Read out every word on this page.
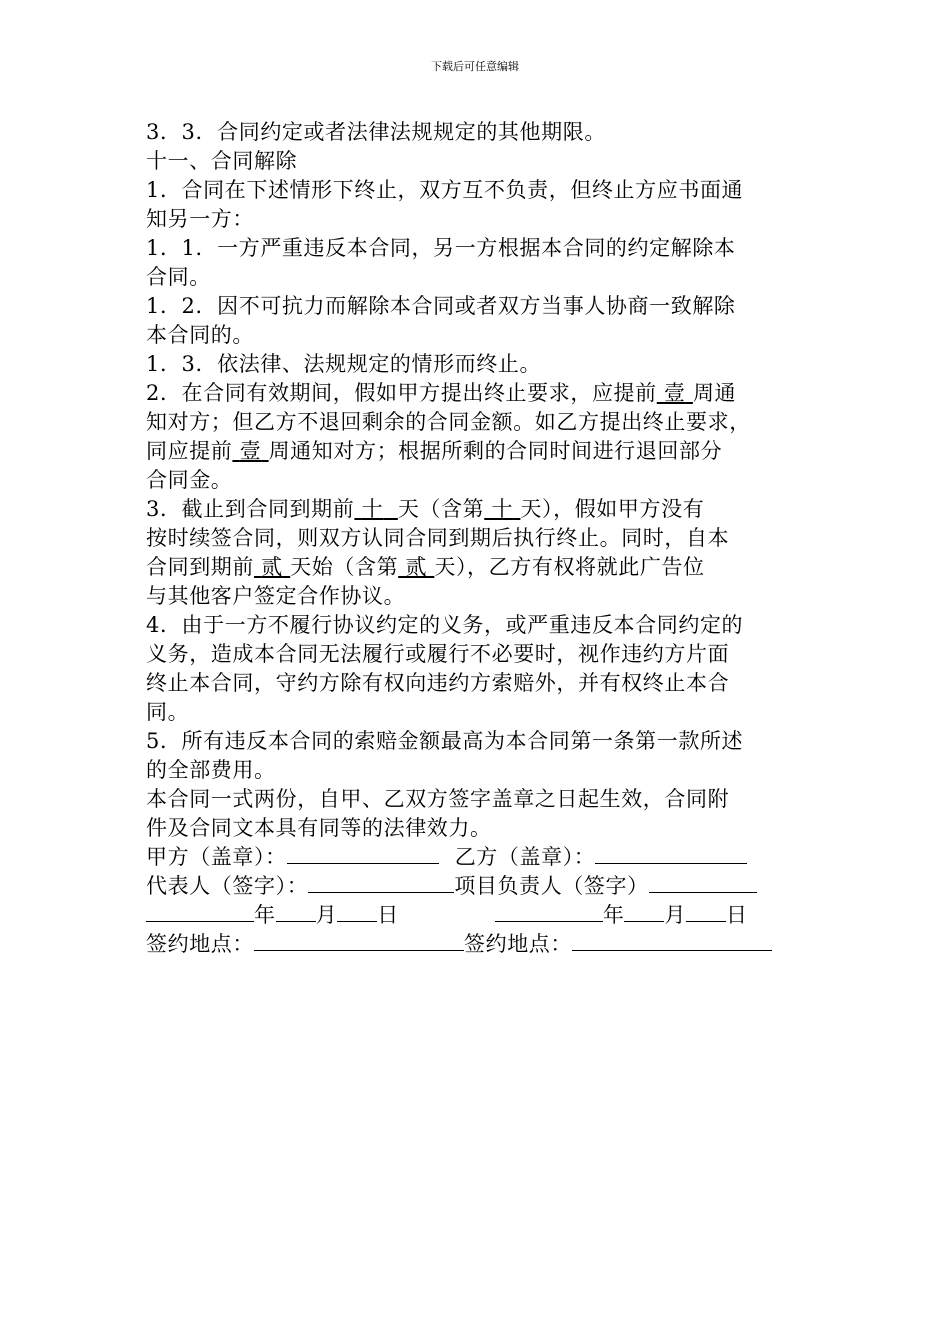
下载后可任意编辑

3．3．合同约定或者法律法规规定的其他期限。

十一、合同解除

1．合同在下述情形下终止，双方互不负责，但终止方应书面通

知另一方：

1．1．一方严重违反本合同，另一方根据本合同的约定解除本

合同。

1．2．因不可抗力而解除本合同或者双方当事人协商一致解除

本合同的。

1．3．依法律、法规规定的情形而终止。

2．在合同有效期间，假如甲方提出终止要求，应提前 壹 周通

知对方；但乙方不退回剩余的合同金额。如乙方提出终止要求，

同应提前 壹 周通知对方；根据所剩的合同时间进行退回部分

合同金。

3．截止到合同到期前 十 天（含第 十 天），假如甲方没有

按时续签合同，则双方认同合同到期后执行终止。同时，自本

合同到期前 贰 天始（含第 贰 天），乙方有权将就此广告位

与其他客户签定合作协议。

4．由于一方不履行协议约定的义务，或严重违反本合同约定的

义务，造成本合同无法履行或履行不必要时，视作违约方片面

终止本合同，守约方除有权向违约方索赔外，并有权终止本合

同。

5．所有违反本合同的索赔金额最高为本合同第一条第一款所述

的全部费用。

本合同一式两份，自甲、乙双方签字盖章之日起生效，合同附

件及合同文本具有同等的法律效力。

甲方（盖章）：	乙方（盖章）：

代表人（签字）：	项目负责人（签字）

年 月 日	年 月 日

签约地点：	签约地点：
